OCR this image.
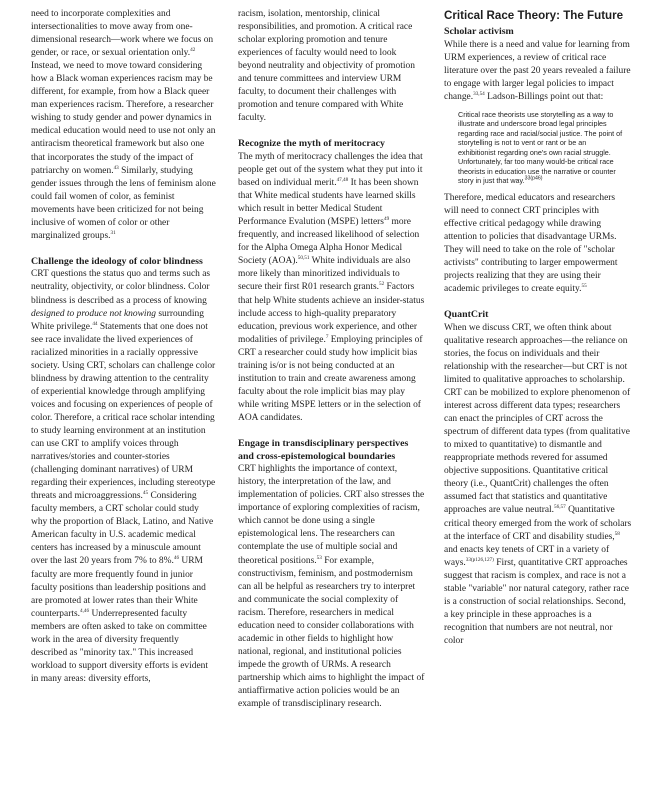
need to incorporate complexities and intersectionalities to move away from one-dimensional research—work where we focus on gender, or race, or sexual orientation only.$^{42}$ Instead, we need to move toward considering how a Black woman experiences racism may be different, for example, from how a Black queer man experiences racism. Therefore, a researcher wishing to study gender and power dynamics in medical education would need to use not only an antiracism theoretical framework but also one that incorporates the study of the impact of patriarchy on women.$^{43}$ Similarly, studying gender issues through the lens of feminism alone could fail women of color, as feminist movements have been criticized for not being inclusive of women of color or other marginalized groups.$^{31}$

Challenge the ideology of color blindness

CRT questions the status quo and terms such as neutrality, objectivity, or color blindness. Color blindness is described as a process of knowing designed to produce not knowing surrounding White privilege.$^{44}$ Statements that one does not see race invalidate the lived experiences of racialized minorities in a racially oppressive society. Using CRT, scholars can challenge color blindness by drawing attention to the centrality of experiential knowledge through amplifying voices and focusing on experiences of people of color. Therefore, a critical race scholar intending to study learning environment at an institution can use CRT to amplify voices through narratives/stories and counter-stories (challenging dominant narratives) of URM regarding their experiences, including stereotype threats and microaggressions.$^{45}$ Considering faculty members, a CRT scholar could study why the proportion of Black, Latino, and Native American faculty in U.S. academic medical centers has increased by a minuscule amount over the last 20 years from 7% to 8%.$^{46}$ URM faculty are more frequently found in junior faculty positions than leadership positions and are promoted at lower rates than their White counterparts.$^{4,46}$ Underrepresented faculty members are often asked to take on committee work in the area of diversity frequently described as "minority tax." This increased workload to support diversity efforts is evident in many areas: diversity efforts,

racism, isolation, mentorship, clinical responsibilities, and promotion. A critical race scholar exploring promotion and tenure experiences of faculty would need to look beyond neutrality and objectivity of promotion and tenure committees and interview URM faculty, to document their challenges with promotion and tenure compared with White faculty.

Recognize the myth of meritocracy

The myth of meritocracy challenges the idea that people get out of the system what they put into it based on individual merit.$^{47,48}$ It has been shown that White medical students have learned skills which result in better Medical Student Performance Evalution (MSPE) letters$^{49}$ more frequently, and increased likelihood of selection for the Alpha Omega Alpha Honor Medical Society (AOA).$^{50,51}$ White individuals are also more likely than minoritized individuals to secure their first R01 research grants.$^{52}$ Factors that help White students achieve an insider-status include access to high-quality preparatory education, previous work experience, and other modalities of privilege.$^7$ Employing principles of CRT a researcher could study how implicit bias training is/or is not being conducted at an institution to train and create awareness among faculty about the role implicit bias may play while writing MSPE letters or in the selection of AOA candidates.

Engage in transdisciplinary perspectives and cross-epistemological boundaries

CRT highlights the importance of context, history, the interpretation of the law, and implementation of policies. CRT also stresses the importance of exploring complexities of racism, which cannot be done using a single epistemological lens. The researchers can contemplate the use of multiple social and theoretical positions.$^{53}$ For example, constructivism, feminism, and postmodernism can all be helpful as researchers try to interpret and communicate the social complexity of racism. Therefore, researchers in medical education need to consider collaborations with academic in other fields to highlight how national, regional, and institutional policies impede the growth of URMs. A research partnership which aims to highlight the impact of antiaffirmative action policies would be an example of transdisciplinary research.

Critical Race Theory: The Future

Scholar activism

While there is a need and value for learning from URM experiences, a review of critical race literature over the past 20 years revealed a failure to engage with larger legal policies to impact change.$^{33,54}$ Ladson-Billings point out that:

Critical race theorists use storytelling as a way to illustrate and underscore broad legal principles regarding race and racial/social justice. The point of storytelling is not to vent or rant or be an exhibitionist regarding one's own racial struggle. Unfortunately, far too many would-be critical race theorists in education use the narrative or counter story in just that way.$^{33(p46)}$

Therefore, medical educators and researchers will need to connect CRT principles with effective critical pedagogy while drawing attention to policies that disadvantage URMs. They will need to take on the role of "scholar activists" contributing to larger empowerment projects realizing that they are using their academic privileges to create equity.$^{55}$

QuantCrit

When we discuss CRT, we often think about qualitative research approaches—the reliance on stories, the focus on individuals and their relationship with the researcher—but CRT is not limited to qualitative approaches to scholarship. CRT can be mobilized to explore phenomenon of interest across different data types; researchers can enact the principles of CRT across the spectrum of different data types (from qualitative to mixed to quantitative) to dismantle and reappropriate methods revered for assumed objective suppositions. Quantitative critical theory (i.e., QuantCrit) challenges the often assumed fact that statistics and quantitative approaches are value neutral.$^{56,57}$ Quantitative critical theory emerged from the work of scholars at the interface of CRT and disability studies,$^{58}$ and enacts key tenets of CRT in a variety of ways.$^{33(p126,127)}$ First, quantitative CRT approaches suggest that racism is complex, and race is not a stable "variable" nor natural category, rather race is a construction of social relationships. Second, a key principle in these approaches is a recognition that numbers are not neutral, nor color
